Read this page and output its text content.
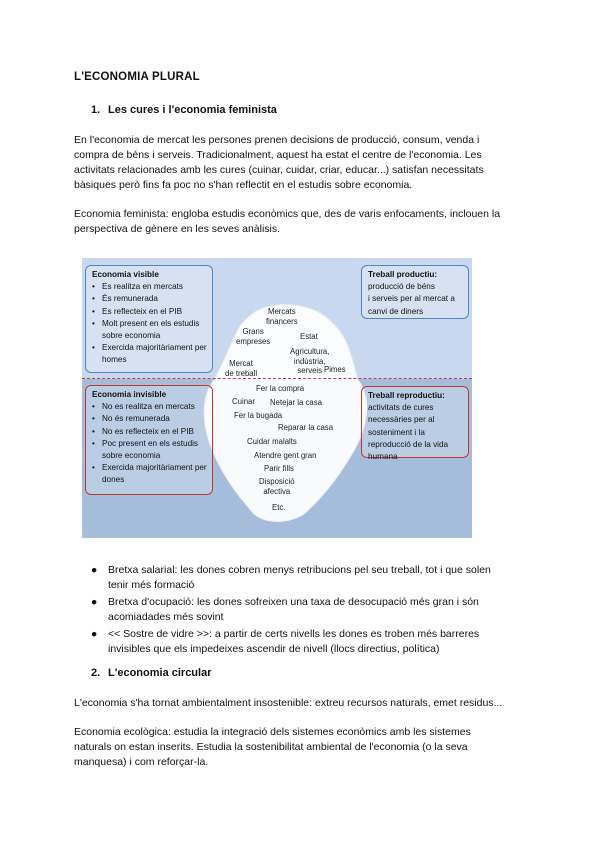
L'ECONOMIA PLURAL
1. Les cures i l'economia feminista
En l'economia de mercat les persones prenen decisions de producció, consum, venda i
compra de béns i serveis. Tradicionalment, aquest ha estat el centre de l'economia. Les
activitats relacionades amb les cures (cuinar, cuidar, criar, educar...) satisfan necessitats
bàsiques però fins fa poc no s'han reflectit en el estudis sobre economia.
Economia feminista: engloba estudis econòmics que, des de varis enfocaments, inclouen la
perspectiva de gènere en les seves anàlisis.
Economia visible
• Es realitza en mercats
• És remunerada
• Es reflecteix en el PIB
• Molt present en els estudis sobre economia
• Exercida majoritàriament per homes
Economia invisible
• No es realitza en mercats
• No és remunerada
• No es reflecteix en el PIB
• Poc present en els estudis sobre economia
• Exercida majoritàriament per dones
Treball productiu:
producció de béns
i serveis per al mercat a
canvi de diners
Treball reproductiu:
activitats de cures
necessàries per al
sosteniment i la
reproducció de la vida
humana
Mercats
financers
Grans
empreses	Estat
Agricultura,
indústria,
serveis
Mercat
de treball	Pimes
Fer la compra
Cuinar Netejar la casa
Fer la bugada
Reparar la casa
Cuidar malalts
Atendre gent gran
Parir fills
Disposició
afectiva
Etc.
● Bretxa salarial: les dones cobren menys retribucions pel seu treball, tot i que solen
tenir més formació
● Bretxa d'ocupació: les dones sofreixen una taxa de desocupació més gran i són
acomiadades més sovint
● << Sostre de vidre >>: a partir de certs nivells les dones es troben més barreres
invisibles que els impedeixes ascendir de nivell (llocs directius, política)
2. L'economia circular
L'economia s'ha tornat ambientalment insostenible: extreu recursos naturals, emet residus...
Economia ecològica: estudia la integració dels sistemes econòmics amb les sistemes
naturals on estan inserits. Estudia la sostenibilitat ambiental de l'economia (o la seva
manquesa) i com reforçar-la.
